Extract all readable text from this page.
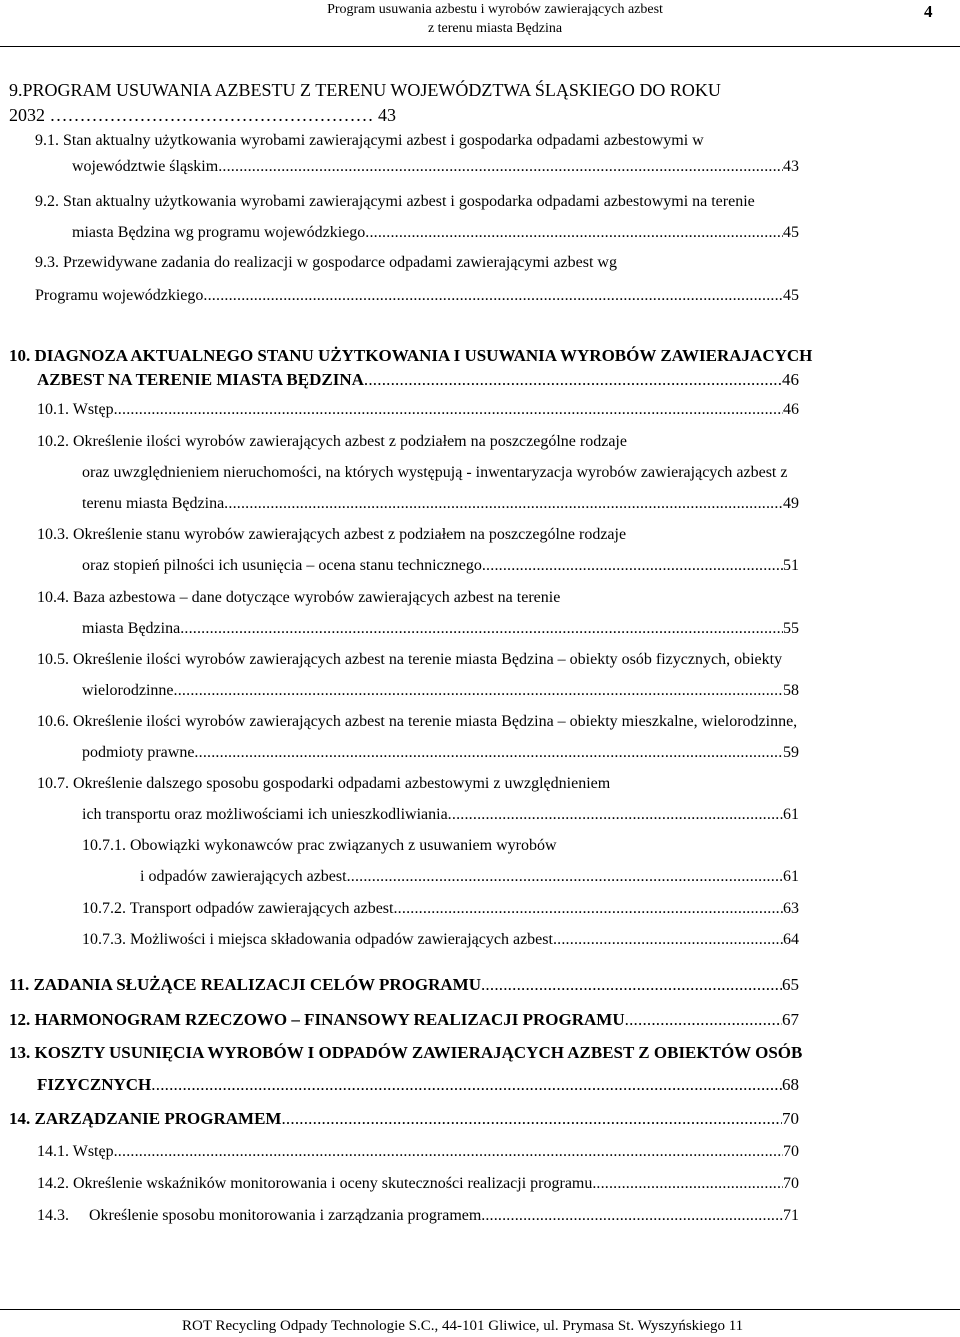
Program usuwania azbestu i wyrobów zawierających azbest
z terenu miasta Będzina
4
9.PROGRAM USUWANIA AZBESTU Z TERENU WOJEWÓDZTWA ŚLĄSKIEGO DO ROKU
2032 ……………………………………………… 43
9.1. Stan aktualny użytkowania wyrobami zawierającymi azbest i gospodarka odpadami azbestowymi w
województwie śląskim .....	43
9.2. Stan aktualny użytkowania wyrobami zawierającymi azbest i gospodarka odpadami azbestowymi na terenie
miasta Będzina wg programu wojewódzkiego .....	45
9.3. Przewidywane zadania do realizacji w gospodarce odpadami zawierającymi azbest wg
Programu wojewódzkiego .....	45
10. DIAGNOZA AKTUALNEGO STANU UŻYTKOWANIA I USUWANIA WYROBÓW ZAWIERAJACYCH
AZBEST NA TERENIE MIASTA BĘDZINA .....	46
10.1. Wstęp .....	46
10.2. Określenie ilości wyrobów zawierających azbest z podziałem na poszczególne rodzaje
oraz uwzględnieniem nieruchomości, na których występują - inwentaryzacja wyrobów zawierających azbest z
terenu miasta Będzina .....	49
10.3. Określenie stanu wyrobów zawierających azbest z podziałem na poszczególne rodzaje
oraz stopień pilności ich usunięcia – ocena stanu technicznego .....	51
10.4. Baza azbestowa – dane dotyczące wyrobów zawierających azbest na terenie
miasta Będzina .....	55
10.5. Określenie ilości wyrobów zawierających azbest na terenie miasta Będzina – obiekty osób fizycznych, obiekty
wielorodzinne .....	58
10.6. Określenie ilości wyrobów zawierających azbest na terenie miasta Będzina – obiekty mieszkalne, wielorodzinne,
podmioty prawne .....	59
10.7. Określenie dalszego sposobu gospodarki odpadami azbestowymi z uwzględnieniem
ich transportu oraz możliwościami ich unieszkodliwiania .....	61
10.7.1. Obowiązki wykonawców prac związanych z usuwaniem wyrobów
i odpadów zawierających azbest .....	61
10.7.2. Transport odpadów zawierających azbest .....	63
10.7.3. Możliwości i miejsca składowania odpadów zawierających azbest .....	64
11. ZADANIA SŁUŻĄCE REALIZACJI CELÓW PROGRAMU .....	65
12. HARMONOGRAM RZECZOWO – FINANSOWY REALIZACJI PROGRAMU .....	67
13. KOSZTY USUNIĘCIA WYROBÓW I ODPADÓW ZAWIERAJĄCYCH AZBEST Z OBIEKTÓW OSÓB
FIZYCZNYCH .....	68
14. ZARZĄDZANIE PROGRAMEM .....	70
14.1. Wstęp .....	70
14.2. Określenie wskaźników monitorowania i oceny skuteczności realizacji programu. .....	70
14.3.     Określenie sposobu monitorowania i zarządzania programem. .....	71
ROT Recycling Odpady Technologie S.C., 44-101 Gliwice, ul. Prymasa St. Wyszyńskiego 11
